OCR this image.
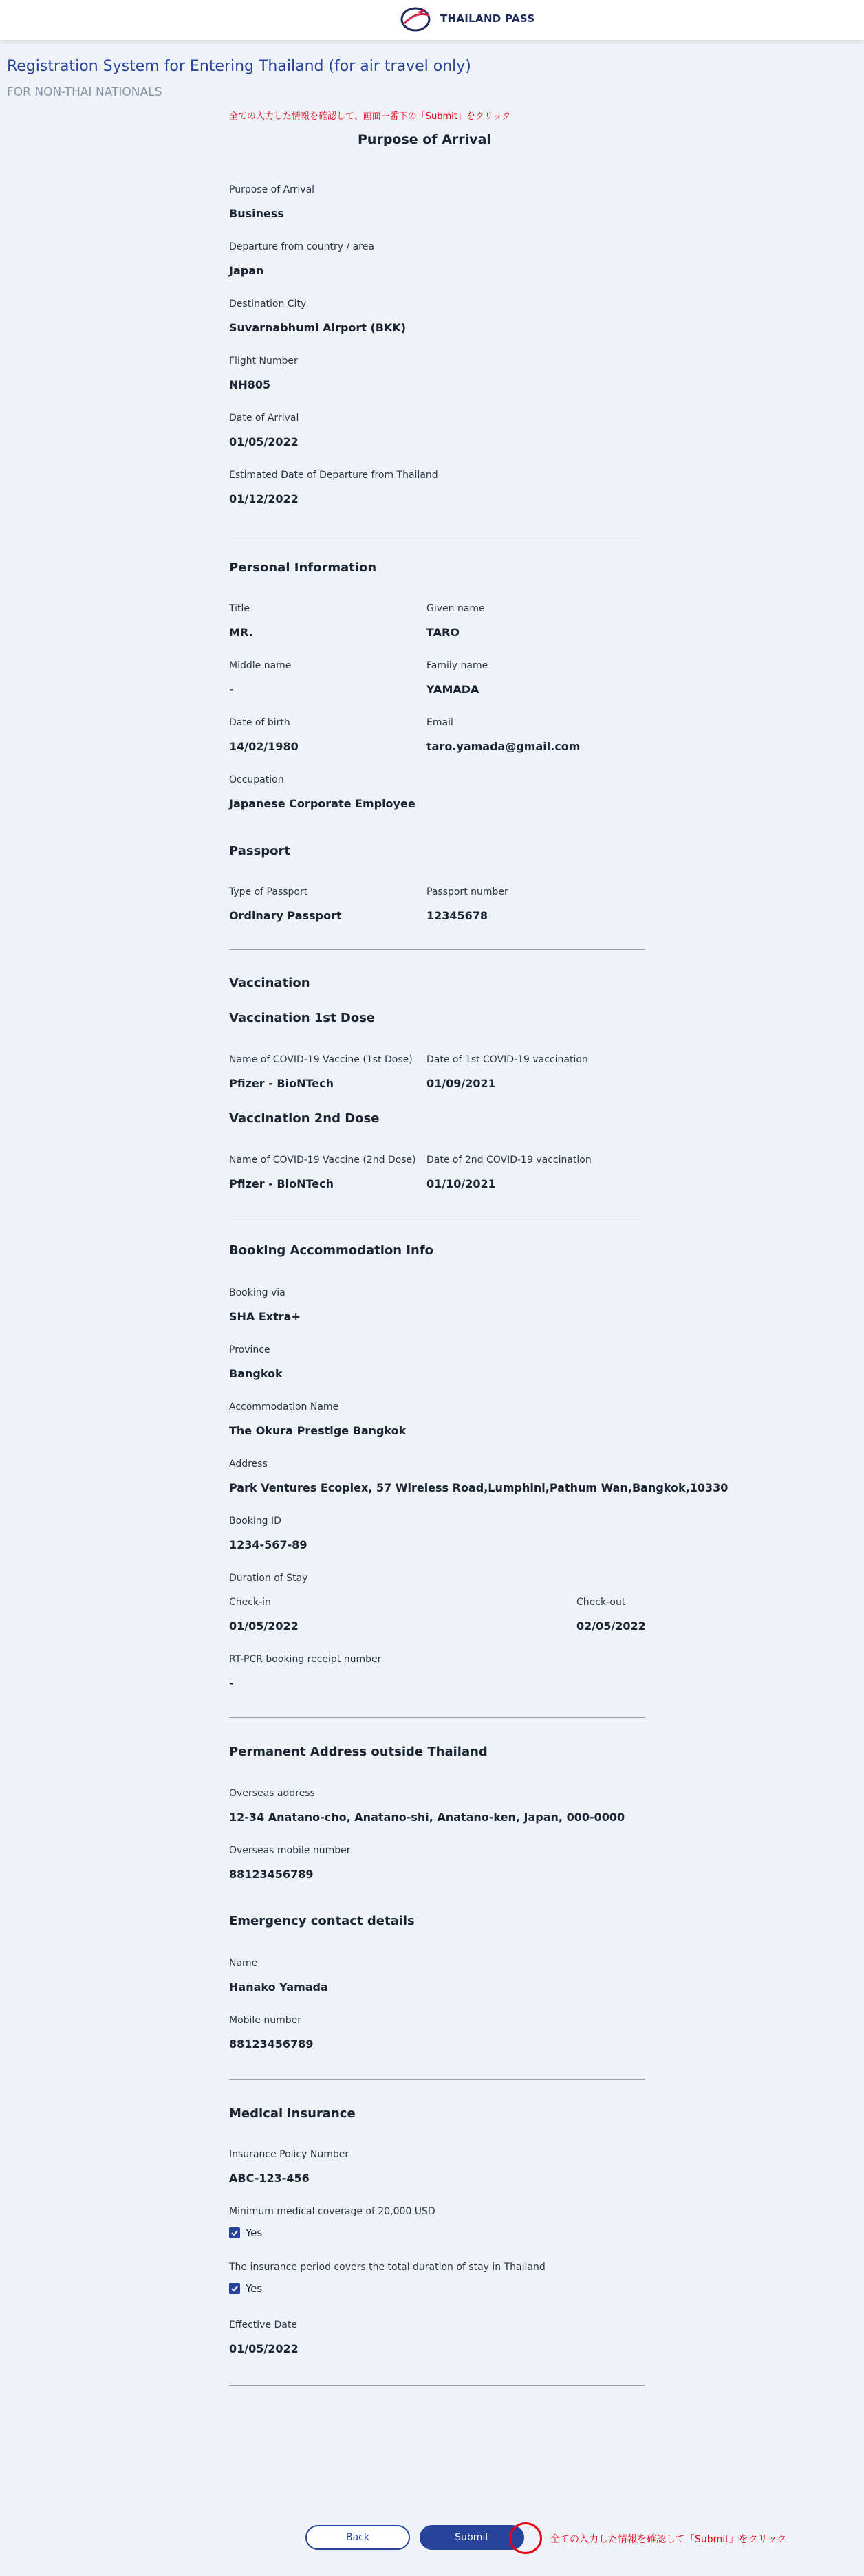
THAILAND PASS
Registration System for Entering Thailand (for air travel only)
FOR NON-THAI NATIONALS
全ての入力した情報を確認して、画面一番下の「Submit」をクリック
Purpose of Arrival
Purpose of Arrival
Business
Departure from country / area
Japan
Destination City
Suvarnabhumi Airport (BKK)
Flight Number
NH805
Date of Arrival
01/05/2022
Estimated Date of Departure from Thailand
01/12/2022
Personal Information
Title
MR.
Given name
TARO
Middle name
-
Family name
YAMADA
Date of birth
14/02/1980
Email
taro.yamada@gmail.com
Occupation
Japanese Corporate Employee
Passport
Type of Passport
Ordinary Passport
Passport number
12345678
Vaccination
Vaccination 1st Dose
Name of COVID-19 Vaccine (1st Dose)
Pfizer - BioNTech
Date of 1st COVID-19 vaccination
01/09/2021
Vaccination 2nd Dose
Name of COVID-19 Vaccine (2nd Dose)
Pfizer - BioNTech
Date of 2nd COVID-19 vaccination
01/10/2021
Booking Accommodation Info
Booking via
SHA Extra+
Province
Bangkok
Accommodation Name
The Okura Prestige Bangkok
Address
Park Ventures Ecoplex, 57 Wireless Road,Lumphini,Pathum Wan,Bangkok,10330
Booking ID
1234-567-89
Duration of Stay
Check-in
01/05/2022
Check-out
02/05/2022
RT-PCR booking receipt number
-
Permanent Address outside Thailand
Overseas address
12-34 Anatano-cho, Anatano-shi, Anatano-ken, Japan, 000-0000
Overseas mobile number
88123456789
Emergency contact details
Name
Hanako Yamada
Mobile number
88123456789
Medical insurance
Insurance Policy Number
ABC-123-456
Minimum medical coverage of 20,000 USD
Yes
The insurance period covers the total duration of stay in Thailand
Yes
Effective Date
01/05/2022
Back	Submit	全ての入力した情報を確認して「Submit」をクリック
